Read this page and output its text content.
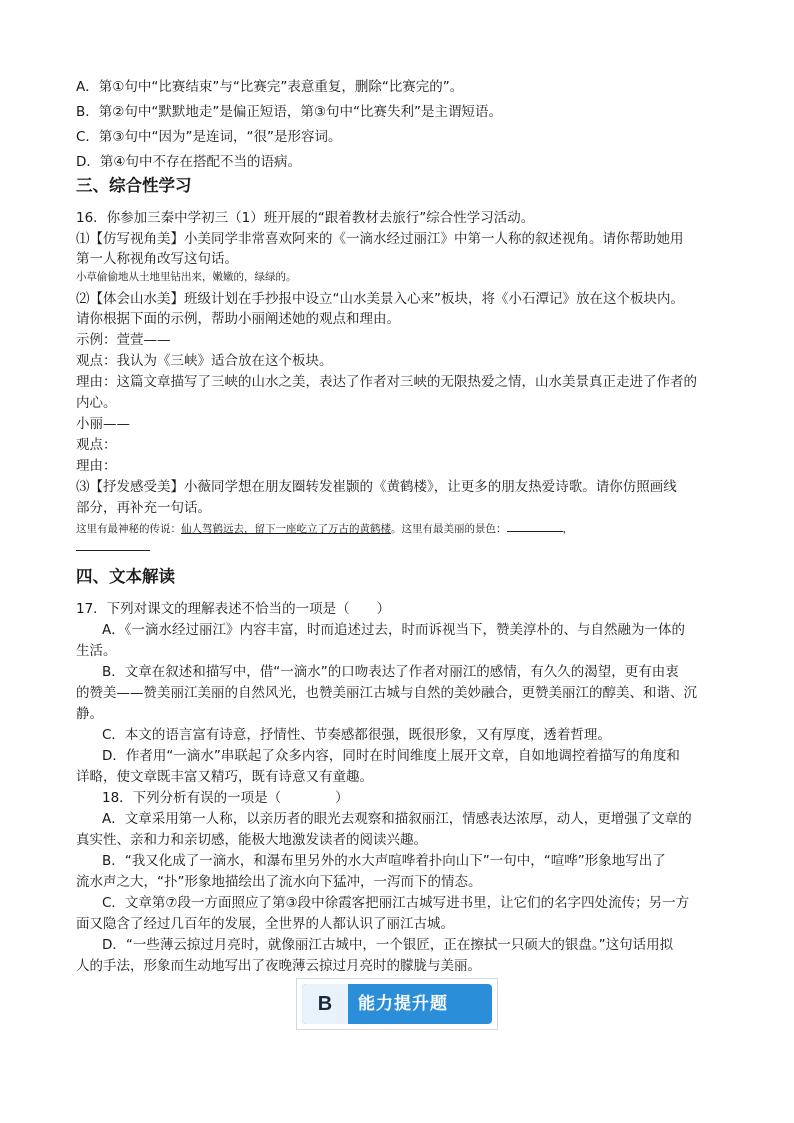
A．第①句中“比赛结束”与“比赛完”表意重复，删除“比赛完的”。
B．第②句中“默默地走”是偏正短语，第③句中“比赛失利”是主谓短语。
C．第③句中“因为”是连词，“很”是形容词。
D．第④句中不存在搭配不当的语病。
三、综合性学习
16．你参加三秦中学初三（1）班开展的“跟着教材去旅行”综合性学习活动。
⑴【仿写视角美】小美同学非常喜欢阿来的《一滴水经过丽江》中第一人称的叙述视角。请你帮助她用
第一人称视角改写这句话。
小草偷偷地从土地里钻出来，嫩嫩的，绿绿的。
⑵【体会山水美】班级计划在手抄报中设立“山水美景入心来”板块，将《小石潭记》放在这个板块内。
请你根据下面的示例，帮助小丽阐述她的观点和理由。
示例：萱萱——
观点：我认为《三峡》适合放在这个板块。
理由：这篇文章描写了三峡的山水之美，表达了作者对三峡的无限热爱之情，山水美景真正走进了作者的
内心。
小丽——
观点：
理由：
⑶【抒发感受美】小薇同学想在朋友圈转发崔颢的《黄鹤楼》，让更多的朋友热爱诗歌。请你仿照画线
部分，再补充一句话。
这里有最神秘的传说：仙人驾鹤远去，留下一座屹立了万古的黄鹤楼。这里有最美丽的景色：	，
四、文本解读
17．下列对课文的理解表述不恰当的一项是（　　）
A．《一滴水经过丽江》内容丰富，时而追述过去，时而诉视当下，赞美淳朴的、与自然融为一体的
生活。
B．文章在叙述和描写中，借“一滴水”的口吻表达了作者对丽江的感情，有久久的渴望，更有由衷
的赞美——赞美丽江美丽的自然风光，也赞美丽江古城与自然的美妙融合，更赞美丽江的醇美、和谐、沉
静。
C．本文的语言富有诗意，抒情性、节奏感都很强，既很形象，又有厚度，透着哲理。
D．作者用“一滴水”串联起了众多内容，同时在时间维度上展开文章，自如地调控着描写的角度和
详略，使文章既丰富又精巧，既有诗意又有童趣。
18．下列分析有误的一项是（　　　　）
A．文章采用第一人称，以亲历者的眼光去观察和描叙丽江，情感表达浓厚，动人，更增强了文章的
真实性、亲和力和亲切感，能极大地激发读者的阅读兴趣。
B．“我又化成了一滴水，和瀑布里另外的水大声喧哗着扑向山下”一句中，“喧哗”形象地写出了
流水声之大，“扑”形象地描绘出了流水向下猛冲，一泻而下的情态。
C．文章第⑦段一方面照应了第③段中徐霞客把丽江古城写进书里，让它们的名字四处流传；另一方
面又隐含了经过几百年的发展，全世界的人都认识了丽江古城。
D．“一些薄云掠过月亮时，就像丽江古城中，一个银匠，正在擦拭一只硕大的银盘。”这句话用拟
人的手法，形象而生动地写出了夜晚薄云掠过月亮时的朦胧与美丽。
B	能力提升题
